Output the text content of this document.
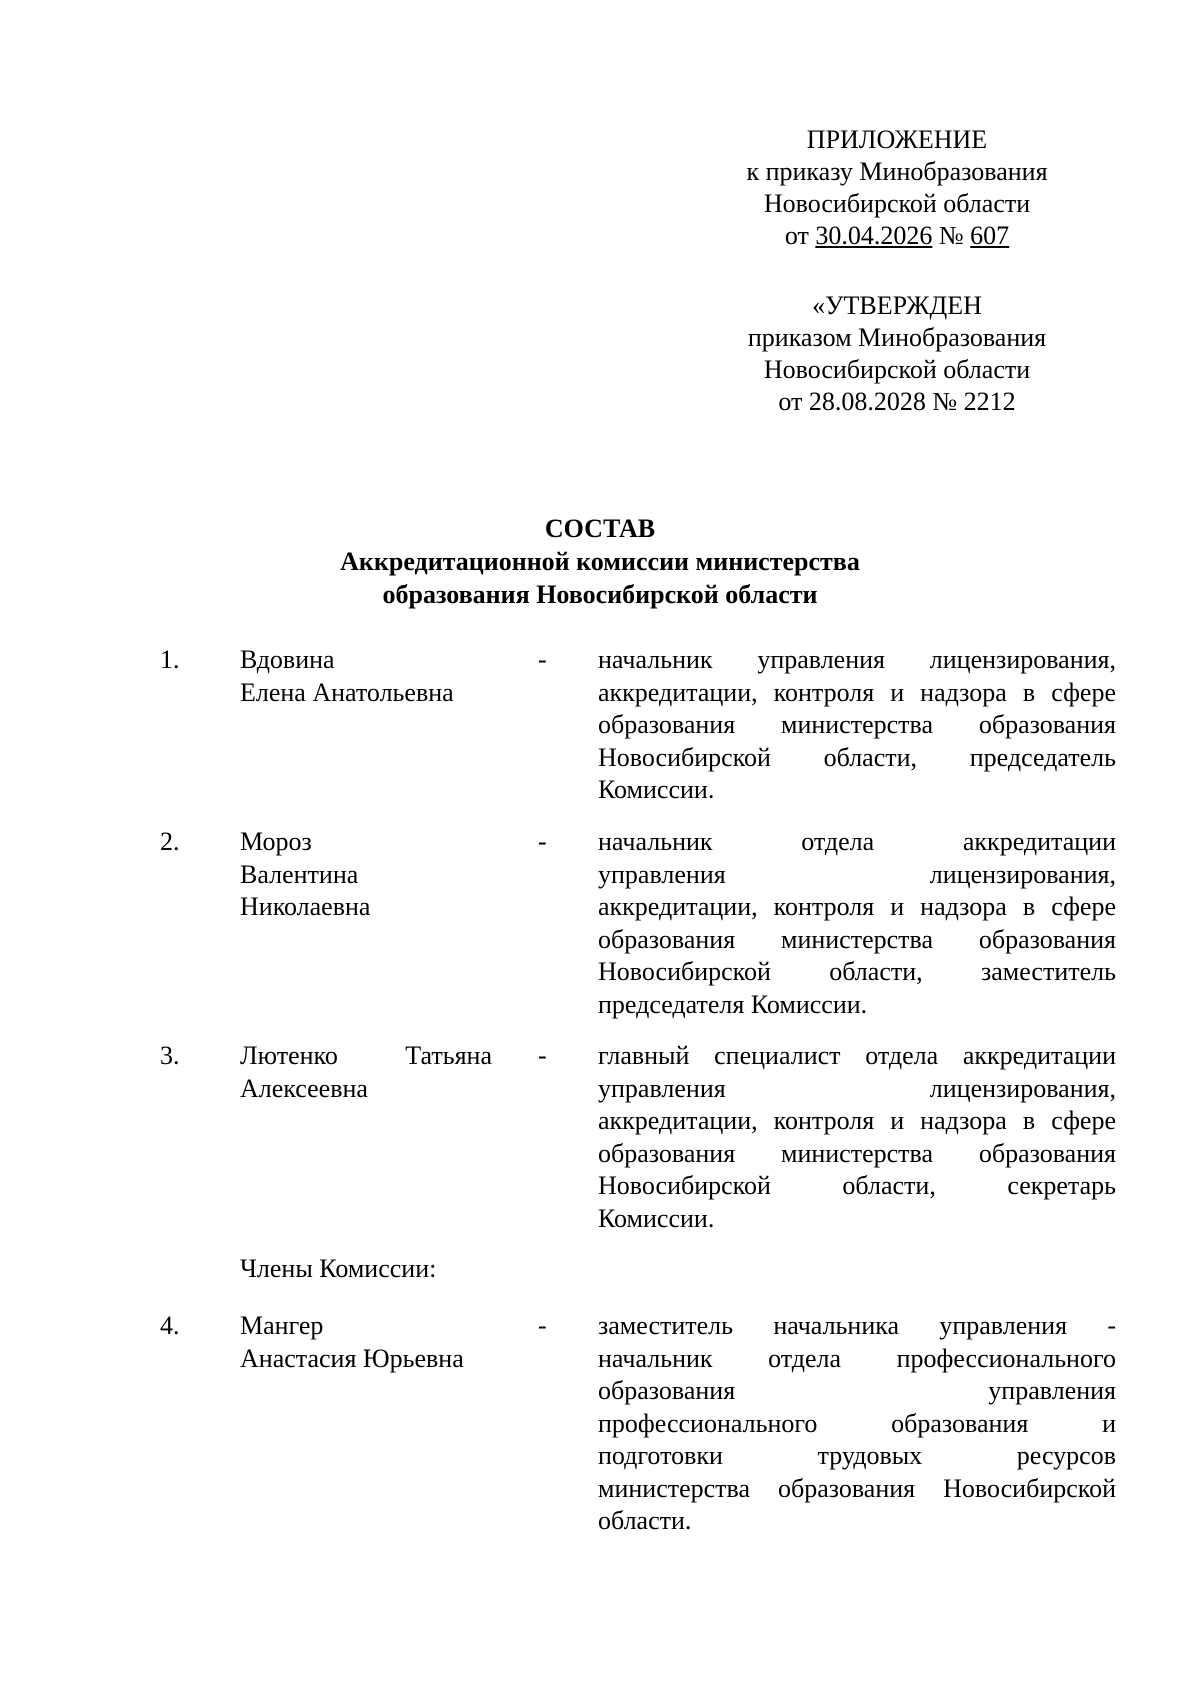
ПРИЛОЖЕНИЕ
к приказу Минобразования
Новосибирской области
от 30.04.2026 № 607
«УТВЕРЖДЕН
приказом Минобразования
Новосибирской области
от 28.08.2028 № 2212
СОСТАВ
Аккредитационной комиссии министерства
образования Новосибирской области
1. Вдовина
Елена Анатольевна
- начальник управления лицензирования,
аккредитации, контроля и надзора в сфере
образования министерства образования
Новосибирской области, председатель
Комиссии.
2. Мороз
Валентина
Николаевна
- начальник отдела аккредитации
управления лицензирования,
аккредитации, контроля и надзора в сфере
образования министерства образования
Новосибирской области, заместитель
председателя Комиссии.
3. Лютенко Татьяна
Алексеевна
- главный специалист отдела аккредитации
управления лицензирования,
аккредитации, контроля и надзора в сфере
образования министерства образования
Новосибирской области, секретарь
Комиссии.
Члены Комиссии:
4. Мангер
Анастасия Юрьевна
- заместитель начальника управления -
начальник отдела профессионального
образования управления
профессионального образования и
подготовки трудовых ресурсов
министерства образования Новосибирской
области.
